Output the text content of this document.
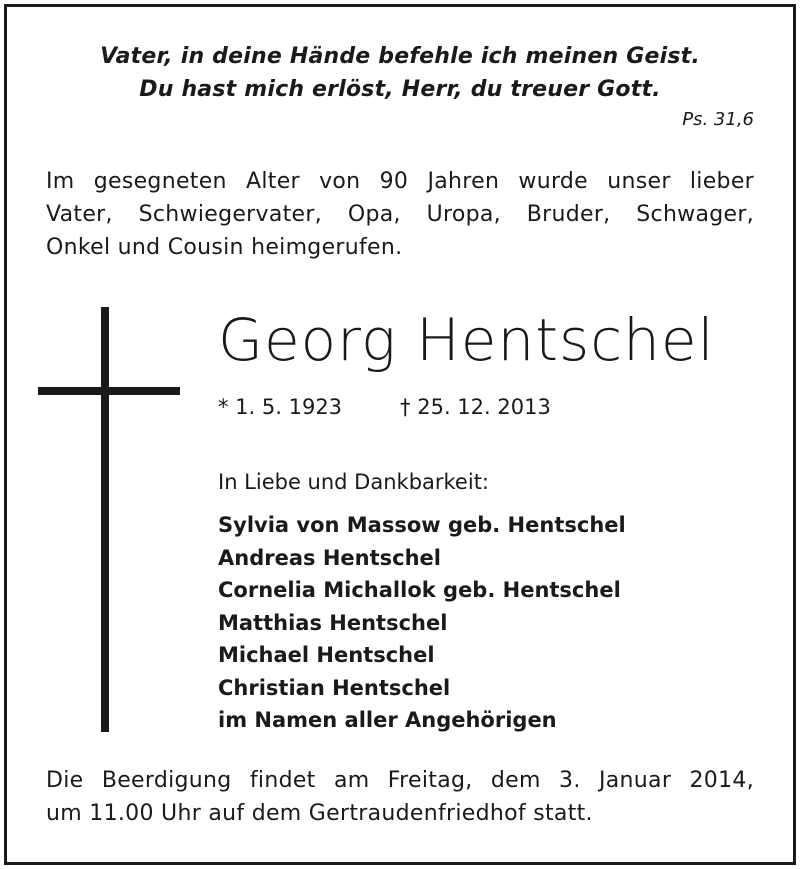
Vater, in deine Hände befehle ich meinen Geist.
Du hast mich erlöst, Herr, du treuer Gott.
Ps. 31,6
Im gesegneten Alter von 90 Jahren wurde unser lieber
Vater, Schwiegervater, Opa, Uropa, Bruder, Schwager,
Onkel und Cousin heimgerufen.
Georg Hentschel
* 1. 5. 1923	† 25. 12. 2013
In Liebe und Dankbarkeit:
Sylvia von Massow geb. Hentschel
Andreas Hentschel
Cornelia Michallok geb. Hentschel
Matthias Hentschel
Michael Hentschel
Christian Hentschel
im Namen aller Angehörigen
Die Beerdigung findet am Freitag, dem 3. Januar 2014,
um 11.00 Uhr auf dem Gertraudenfriedhof statt.
